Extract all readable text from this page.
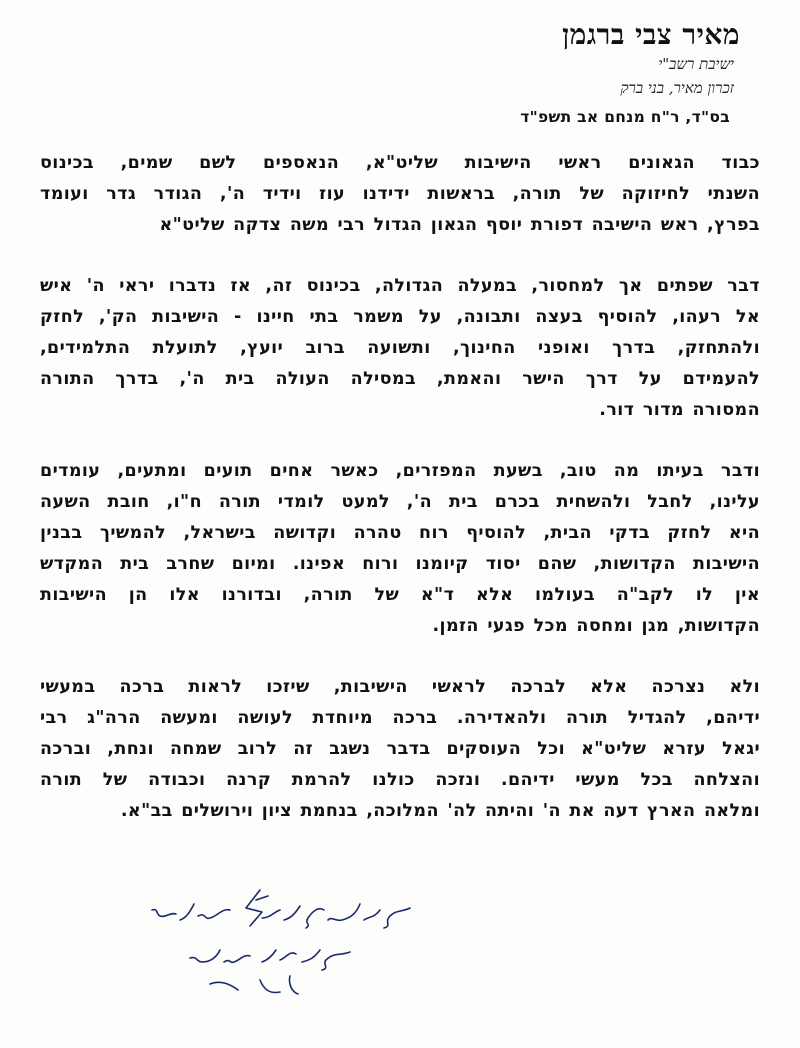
מאיר צבי ברגמן
ישיבת רשב"י
זכרון מאיר, בני ברק
בס"ד, ר"ח מנחם אב תשפ"ד
כבוד הגאונים ראשי הישיבות שליט"א, הנאספים לשם שמים, בכינוס
השנתי לחיזוקה של תורה, בראשות ידידנו עוז וידיד ה', הגודר גדר ועומד
בפרץ, ראש הישיבה דפורת יוסף הגאון הגדול רבי משה צדקה שליט"א
דבר שפתים אך למחסור, במעלה הגדולה, בכינוס זה, אז נדברו יראי ה' איש
אל רעהו, להוסיף בעצה ותבונה, על משמר בתי חיינו - הישיבות הק', לחזק
ולהתחזק, בדרך ואופני החינוך, ותשועה ברוב יועץ, לתועלת התלמידים,
להעמידם על דרך הישר והאמת, במסילה העולה בית ה', בדרך התורה
המסורה מדור דור.
ודבר בעיתו מה טוב, בשעת המפזרים, כאשר אחים תועים ומתעים, עומדים
עלינו, לחבל ולהשחית בכרם בית ה', למעט לומדי תורה ח"ו, חובת השעה
היא לחזק בדקי הבית, להוסיף רוח טהרה וקדושה בישראל, להמשיך בבנין
הישיבות הקדושות, שהם יסוד קיומנו ורוח אפינו. ומיום שחרב בית המקדש
אין לו לקב"ה בעולמו אלא ד"א של תורה, ובדורנו אלו הן הישיבות
הקדושות, מגן ומחסה מכל פגעי הזמן.
ולא נצרכה אלא לברכה לראשי הישיבות, שיזכו לראות ברכה במעשי
ידיהם, להגדיל תורה ולהאדירה. ברכה מיוחדת לעושה ומעשה הרה"ג רבי
יגאל עזרא שליט"א וכל העוסקים בדבר נשגב זה לרוב שמחה ונחת, וברכה
והצלחה בכל מעשי ידיהם. ונזכה כולנו להרמת קרנה וכבודה של תורה
ומלאה הארץ דעה את ה' והיתה לה' המלוכה, בנחמת ציון וירושלים בב"א.
